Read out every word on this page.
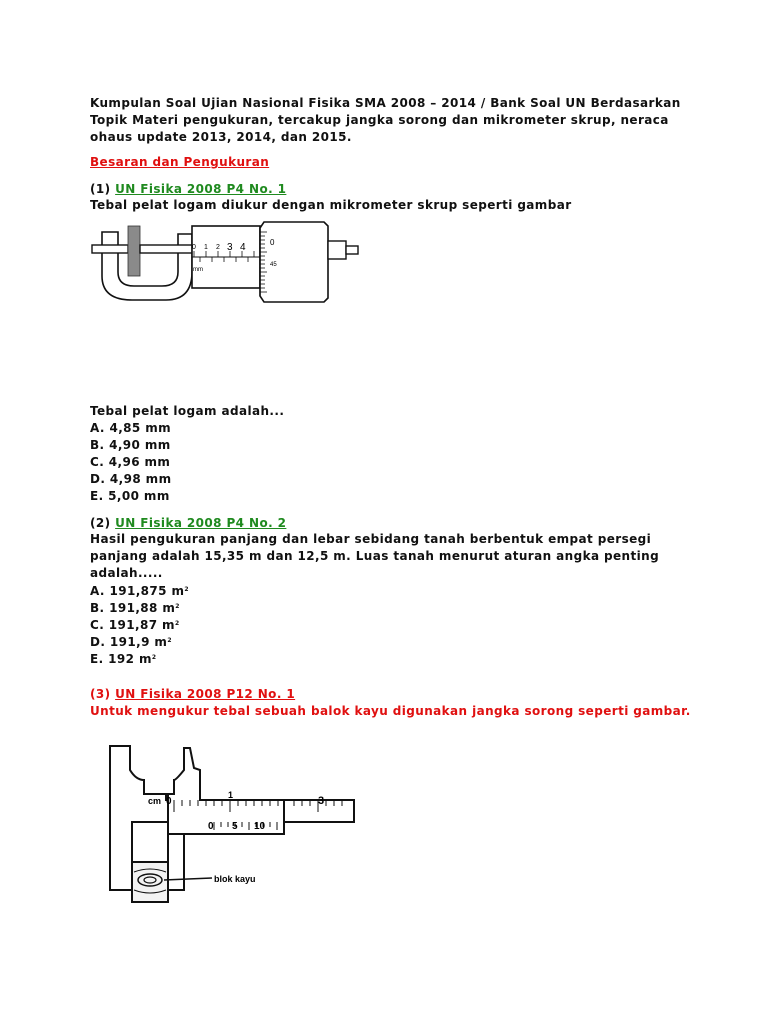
Kumpulan Soal Ujian Nasional Fisika SMA 2008 – 2014 / Bank Soal UN Berdasarkan

Topik Materi pengukuran, tercakup jangka sorong dan mikrometer skrup, neraca

ohaus update 2013, 2014, dan 2015.

Besaran dan Pengukuran

(1) UN Fisika 2008 P4 No. 1

Tebal pelat logam diukur dengan mikrometer skrup seperti gambar

0 1 2 3 4
mm
0
45

Tebal pelat logam adalah...

A. 4,85 mm

B. 4,90 mm

C. 4,96 mm

D. 4,98 mm

E. 5,00 mm

(2) UN Fisika 2008 P4 No. 2

Hasil pengukuran panjang dan lebar sebidang tanah berbentuk empat persegi

panjang adalah 15,35 m dan 12,5 m. Luas tanah menurut aturan angka penting

adalah.....

A. 191,875 $m^2$

B. 191,88 $m^2$

C. 191,87 $m^2$

D. 191,9 $m^2$

E. 192 $m^2$

(3) UN Fisika 2008 P12 No. 1

Untuk mengukur tebal sebuah balok kayu digunakan jangka sorong seperti gambar.

cm 0
1	3
0 5 10
blok kayu
